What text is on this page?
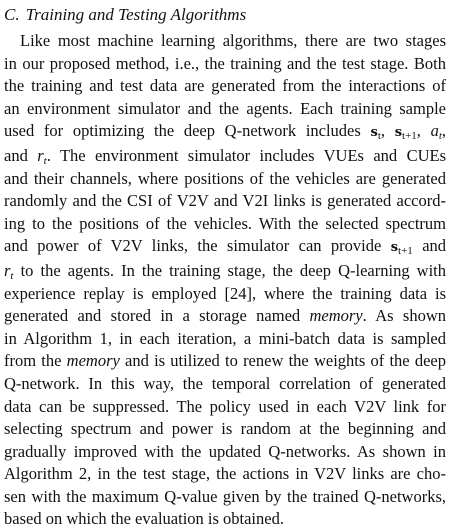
C. Training and Testing Algorithms
Like most machine learning algorithms, there are two stages
in our proposed method, i.e., the training and the test stage. Both
the training and test data are generated from the interactions of
an environment simulator and the agents. Each training sample
used for optimizing the deep Q-network includes $s_t$, $s_{t+1}$, $a_t$,
and $r_t$. The environment simulator includes VUEs and CUEs
and their channels, where positions of the vehicles are generated
randomly and the CSI of V2V and V2I links is generated accord-
ing to the positions of the vehicles. With the selected spectrum
and power of V2V links, the simulator can provide $s_{t+1}$ and
$r_t$ to the agents. In the training stage, the deep Q-learning with
experience replay is employed [24], where the training data is
generated and stored in a storage named memory. As shown
in Algorithm 1, in each iteration, a mini-batch data is sampled
from the memory and is utilized to renew the weights of the deep
Q-network. In this way, the temporal correlation of generated
data can be suppressed. The policy used in each V2V link for
selecting spectrum and power is random at the beginning and
gradually improved with the updated Q-networks. As shown in
Algorithm 2, in the test stage, the actions in V2V links are cho-
sen with the maximum Q-value given by the trained Q-networks,
based on which the evaluation is obtained.
